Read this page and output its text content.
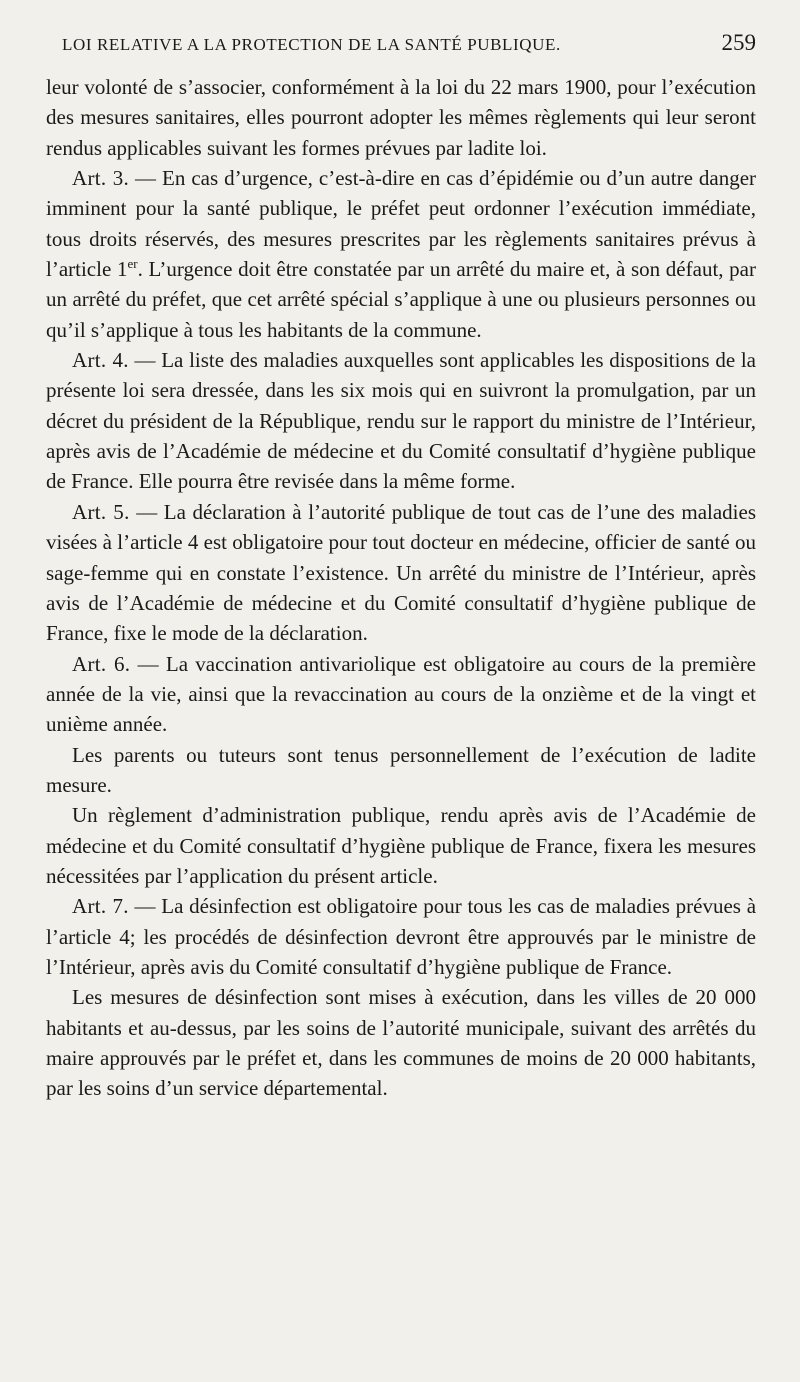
LOI RELATIVE A LA PROTECTION DE LA SANTÉ PUBLIQUE.	259

leur volonté de s’associer, conformément à la loi du 22 mars 1900, pour l’exécution des mesures sanitaires, elles pourront adopter les mêmes règlements qui leur seront rendus applicables suivant les formes prévues par ladite loi.

Art. 3. — En cas d’urgence, c’est-à-dire en cas d’épidémie ou d’un autre danger imminent pour la santé publique, le préfet peut ordonner l’exécution immédiate, tous droits réservés, des mesures prescrites par les règlements sanitaires prévus à l’article 1er. L’urgence doit être constatée par un arrêté du maire et, à son défaut, par un arrêté du préfet, que cet arrêté spécial s’applique à une ou plusieurs personnes ou qu’il s’applique à tous les habitants de la commune.

Art. 4. — La liste des maladies auxquelles sont applicables les dispositions de la présente loi sera dressée, dans les six mois qui en suivront la promulgation, par un décret du président de la République, rendu sur le rapport du ministre de l’Intérieur, après avis de l’Académie de médecine et du Comité consultatif d’hygiène publique de France. Elle pourra être revisée dans la même forme.

Art. 5. — La déclaration à l’autorité publique de tout cas de l’une des maladies visées à l’article 4 est obligatoire pour tout docteur en médecine, officier de santé ou sage-femme qui en constate l’existence. Un arrêté du ministre de l’Intérieur, après avis de l’Académie de médecine et du Comité consultatif d’hygiène publique de France, fixe le mode de la déclaration.

Art. 6. — La vaccination antivariolique est obligatoire au cours de la première année de la vie, ainsi que la revaccination au cours de la onzième et de la vingt et unième année.

Les parents ou tuteurs sont tenus personnellement de l’exécution de ladite mesure.

Un règlement d’administration publique, rendu après avis de l’Académie de médecine et du Comité consultatif d’hygiène publique de France, fixera les mesures nécessitées par l’application du présent article.

Art. 7. — La désinfection est obligatoire pour tous les cas de maladies prévues à l’article 4; les procédés de désinfection devront être approuvés par le ministre de l’Intérieur, après avis du Comité consultatif d’hygiène publique de France.

Les mesures de désinfection sont mises à exécution, dans les villes de 20 000 habitants et au-dessus, par les soins de l’autorité municipale, suivant des arrêtés du maire approuvés par le préfet et, dans les communes de moins de 20 000 habitants, par les soins d’un service départemental.
